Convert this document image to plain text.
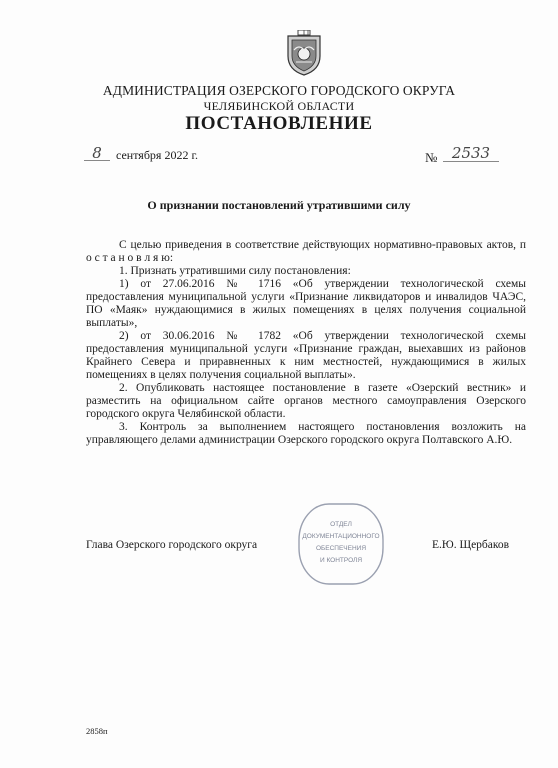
АДМИНИСТРАЦИЯ ОЗЕРСКОГО ГОРОДСКОГО ОКРУГА
ЧЕЛЯБИНСКОЙ ОБЛАСТИ
ПОСТАНОВЛЕНИЕ
8	сентября 2022 г.	№ 2533
О признании постановлений утратившими силу

С целью приведения в соответствие действующих нормативно-правовых актов, п о с т а н о в л я ю:

1. Признать утратившими силу постановления:

1) от 27.06.2016 № 1716 «Об утверждении технологической схемы предоставления муниципальной услуги «Признание ликвидаторов и инвалидов ЧАЭС, ПО «Маяк» нуждающимися в жилых помещениях в целях получения социальной выплаты»,

2) от 30.06.2016 № 1782 «Об утверждении технологической схемы предоставления муниципальной услуги «Признание граждан, выехавших из районов Крайнего Севера и приравненных к ним местностей, нуждающимися в жилых помещениях в целях получения социальной выплаты».

2. Опубликовать настоящее постановление в газете «Озерский вестник» и разместить на официальном сайте органов местного самоуправления Озерского городского округа Челябинской области.

3. Контроль за выполнением настоящего постановления возложить на управляющего делами администрации Озерского городского округа Полтавского А.Ю.

Глава Озерского городского округа
ОТДЕЛ
ДОКУМЕНТАЦИОННОГО
ОБЕСПЕЧЕНИЯ
И КОНТРОЛЯ
Е.Ю. Щербаков
2858п
